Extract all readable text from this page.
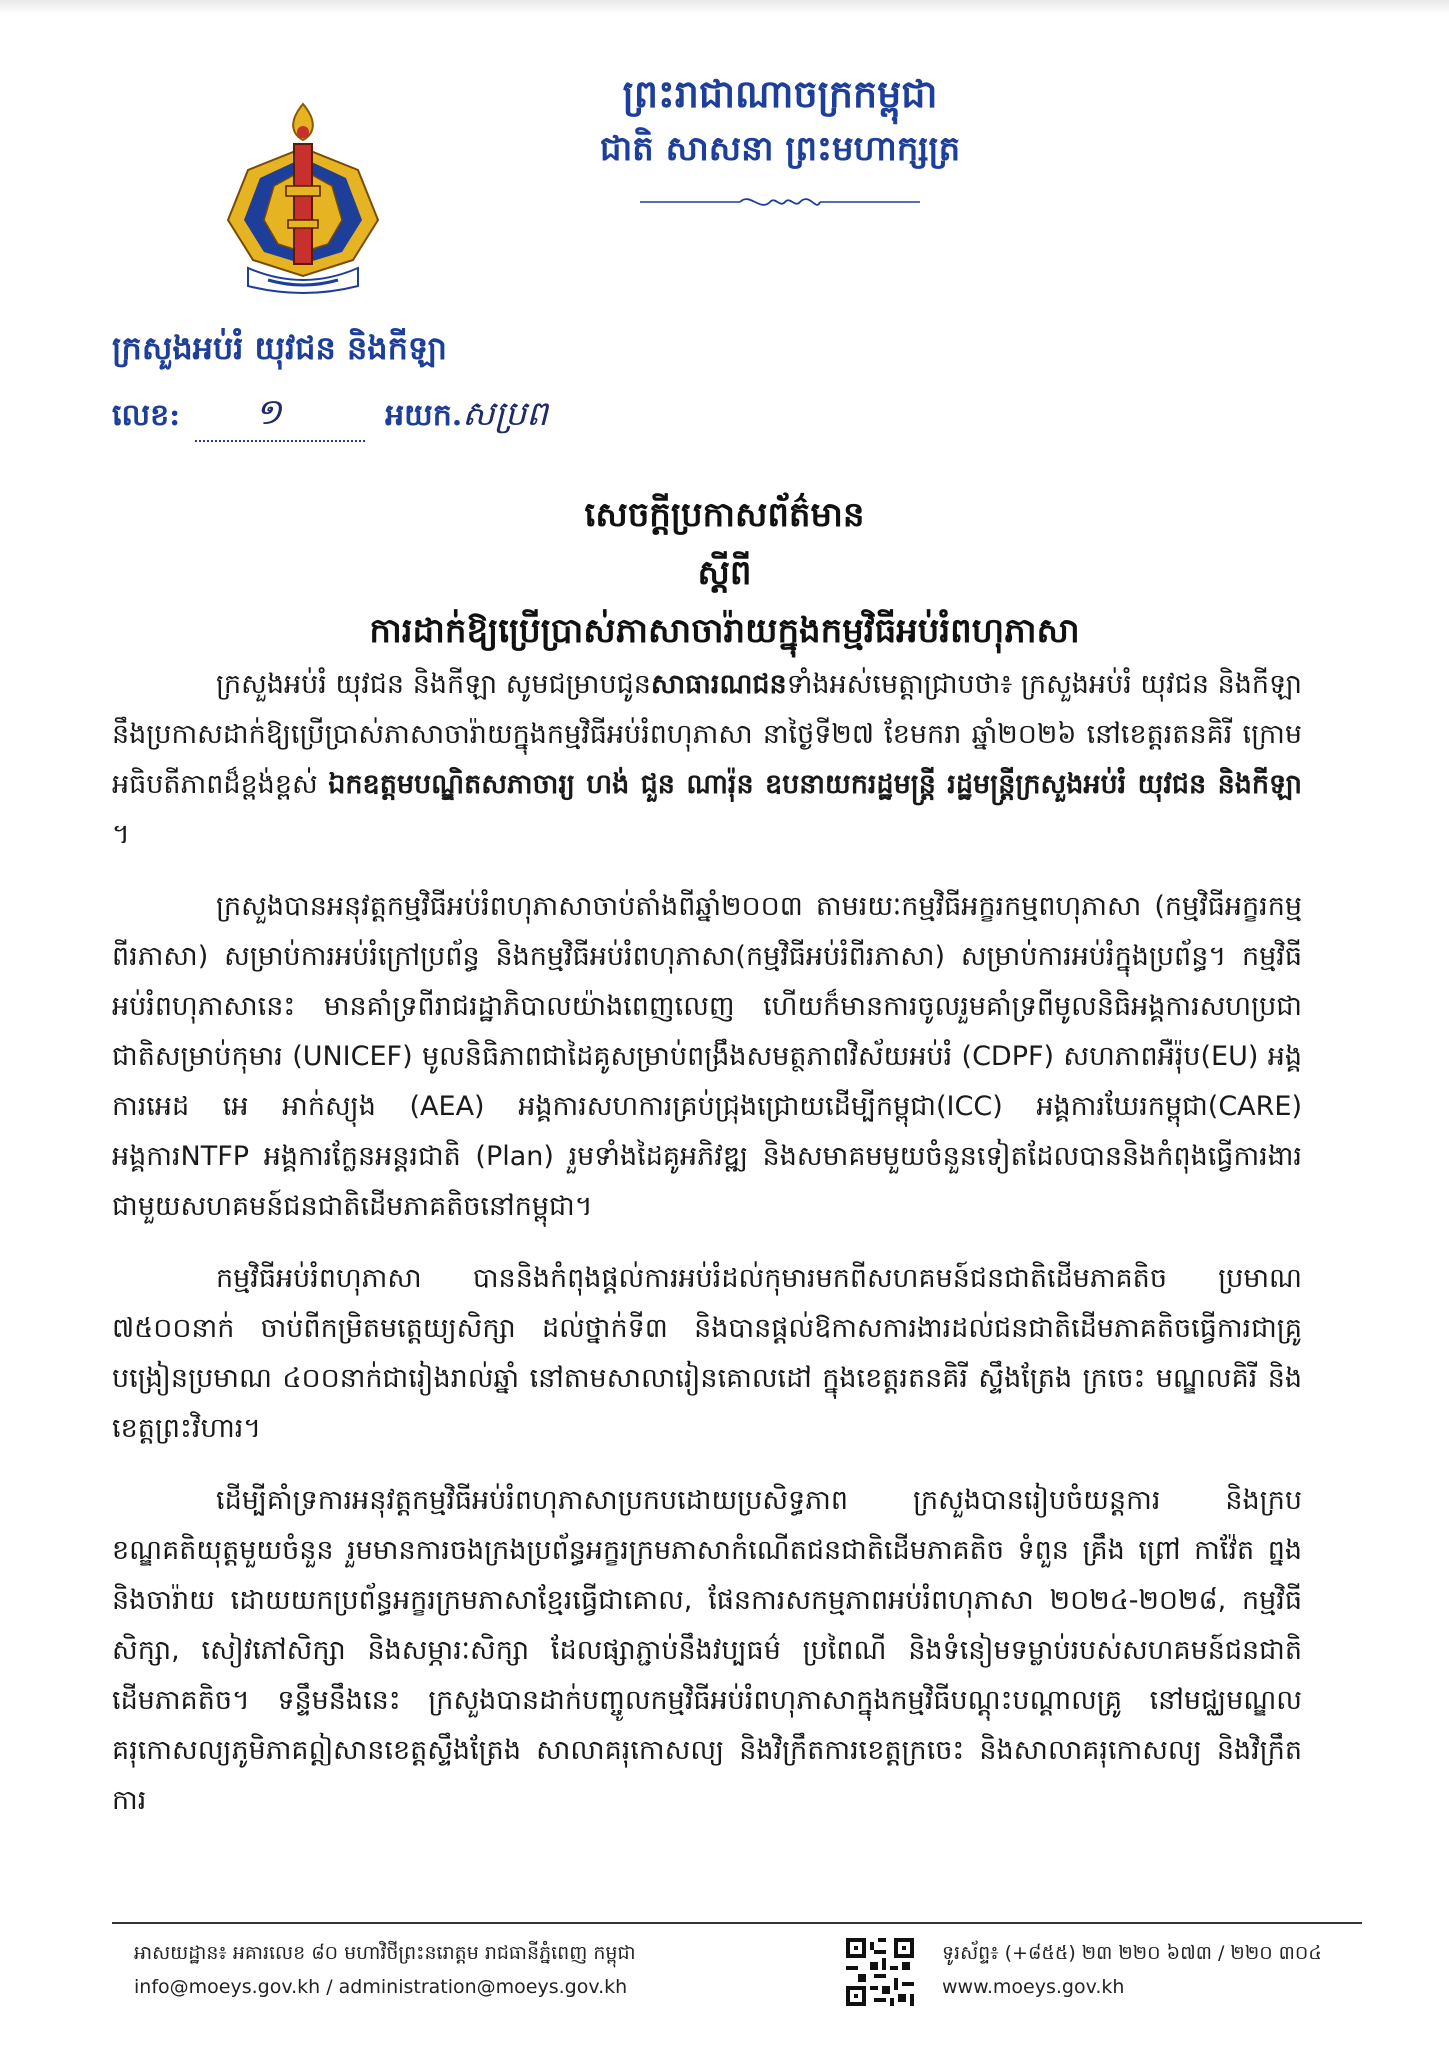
ព្រះរាជាណាចក្រកម្ពុជា
ជាតិ សាសនា ព្រះមហាក្សត្រ
ក្រសួងអប់រំ យុវជន និងកីឡា
លេខ: ១	អយក.សប្រព
សេចក្តីប្រកាសព័ត៌មាន
ស្តីពី
ការដាក់ឱ្យប្រើប្រាស់ភាសាចារ៉ាយក្នុងកម្មវិធីអប់រំពហុភាសា

ក្រសួងអប់រំ យុវជន និងកីឡា សូមជម្រាបជូនសាធារណជនទាំងអស់មេត្តាជ្រាបថា៖ ក្រសួងអប់រំ យុវជន និងកីឡា នឹងប្រកាសដាក់ឱ្យប្រើប្រាស់ភាសាចារ៉ាយក្នុងកម្មវិធីអប់រំពហុភាសា នាថ្ងៃទី២៧ ខែមករា ឆ្នាំ២០២៦ នៅខេត្តរតនគិរី ក្រោមអធិបតីភាពដ៏ខ្ពង់ខ្ពស់ ឯកឧត្តមបណ្ឌិតសភាចារ្យ ហង់ ជួន ណារ៉ុន ឧបនាយករដ្ឋមន្ត្រី រដ្ឋមន្ត្រីក្រសួងអប់រំ យុវជន និងកីឡា ។

ក្រសួងបានអនុវត្តកម្មវិធីអប់រំពហុភាសាចាប់តាំងពីឆ្នាំ២០០៣ តាមរយៈកម្មវិធីអក្ខរកម្មពហុភាសា (កម្មវិធីអក្ខរកម្មពីរភាសា) សម្រាប់ការអប់រំក្រៅប្រព័ន្ធ និងកម្មវិធីអប់រំពហុភាសា(កម្មវិធីអប់រំពីរភាសា) សម្រាប់ការអប់រំក្នុងប្រព័ន្ធ។ កម្មវិធីអប់រំពហុភាសានេះ មានគាំទ្រពីរាជរដ្ឋាភិបាលយ៉ាងពេញលេញ ហើយក៏មានការចូលរួមគាំទ្រពីមូលនិធិអង្គការសហប្រជាជាតិសម្រាប់កុមារ (UNICEF) មូលនិធិភាពជាដៃគូសម្រាប់ពង្រឹងសមត្ថភាពវិស័យអប់រំ (CDPF) សហភាពអឺរ៉ុប(EU) អង្គការអេដ អេ អាក់ស្យុង (AEA) អង្គការសហការគ្រប់ជ្រុងជ្រោយដើម្បីកម្ពុជា(ICC) អង្គការឃែរកម្ពុជា(CARE) អង្គការNTFP អង្គការក្លែនអន្តរជាតិ (Plan) រួមទាំងដៃគូអភិវឌ្ឍ និងសមាគមមួយចំនួនទៀតដែលបាននិងកំពុងធ្វើការងារជាមួយសហគមន៍ជនជាតិដើមភាគតិចនៅកម្ពុជា។

កម្មវិធីអប់រំពហុភាសា បាននិងកំពុងផ្តល់ការអប់រំដល់កុមារមកពីសហគមន៍ជនជាតិដើមភាគតិច ប្រមាណ ៧៥០០នាក់ ចាប់ពីកម្រិតមត្តេយ្យសិក្សា ដល់ថ្នាក់ទី៣ និងបានផ្តល់ឱកាសការងារដល់ជនជាតិដើមភាគតិចធ្វើការជាគ្រូបង្រៀនប្រមាណ ៤០០នាក់ជារៀងរាល់ឆ្នាំ នៅតាមសាលារៀនគោលដៅ ក្នុងខេត្តរតនគិរី ស្ទឹងត្រែង ក្រចេះ មណ្ឌលគិរី និងខេត្តព្រះវិហារ។

ដើម្បីគាំទ្រការអនុវត្តកម្មវិធីអប់រំពហុភាសាប្រកបដោយប្រសិទ្ធភាព ក្រសួងបានរៀបចំយន្តការ និងក្របខណ្ឌគតិយុត្តមួយចំនួន រួមមានការចងក្រងប្រព័ន្ធអក្ខរក្រមភាសាកំណើតជនជាតិដើមភាគតិច ទំពួន គ្រឹង ព្រៅ កាវ៉ែត ព្នង និងចារ៉ាយ ដោយយកប្រព័ន្ធអក្ខរក្រមភាសាខ្មែរធ្វើជាគោល, ផែនការសកម្មភាពអប់រំពហុភាសា ២០២៤-២០២៨, កម្មវិធីសិក្សា, សៀវភៅសិក្សា និងសម្ភារៈសិក្សា ដែលផ្សាភ្ជាប់នឹងវប្បធម៌ ប្រពៃណី និងទំនៀមទម្លាប់របស់សហគមន៍ជនជាតិដើមភាគតិច។ ទន្ទឹមនឹងនេះ ក្រសួងបានដាក់បញ្ចូលកម្មវិធីអប់រំពហុភាសាក្នុងកម្មវិធីបណ្តុះបណ្តាលគ្រូ នៅមជ្ឈមណ្ឌលគរុកោសល្យភូមិភាគឦសានខេត្តស្ទឹងត្រែង សាលាគរុកោសល្យ និងវិក្រឹតការខេត្តក្រចេះ និងសាលាគរុកោសល្យ និងវិក្រឹតការ

អាសយដ្ឋាន៖ អគារលេខ ៨០ មហាវិថីព្រះនរោត្តម រាជធានីភ្នំពេញ កម្ពុជា
info@moeys.gov.kh / administration@moeys.gov.kh
ទូរស័ព្ទ៖ (+៨៥៥) ២៣ ២២០ ៦៧៣ / ២២០ ៣០៤
www.moeys.gov.kh
